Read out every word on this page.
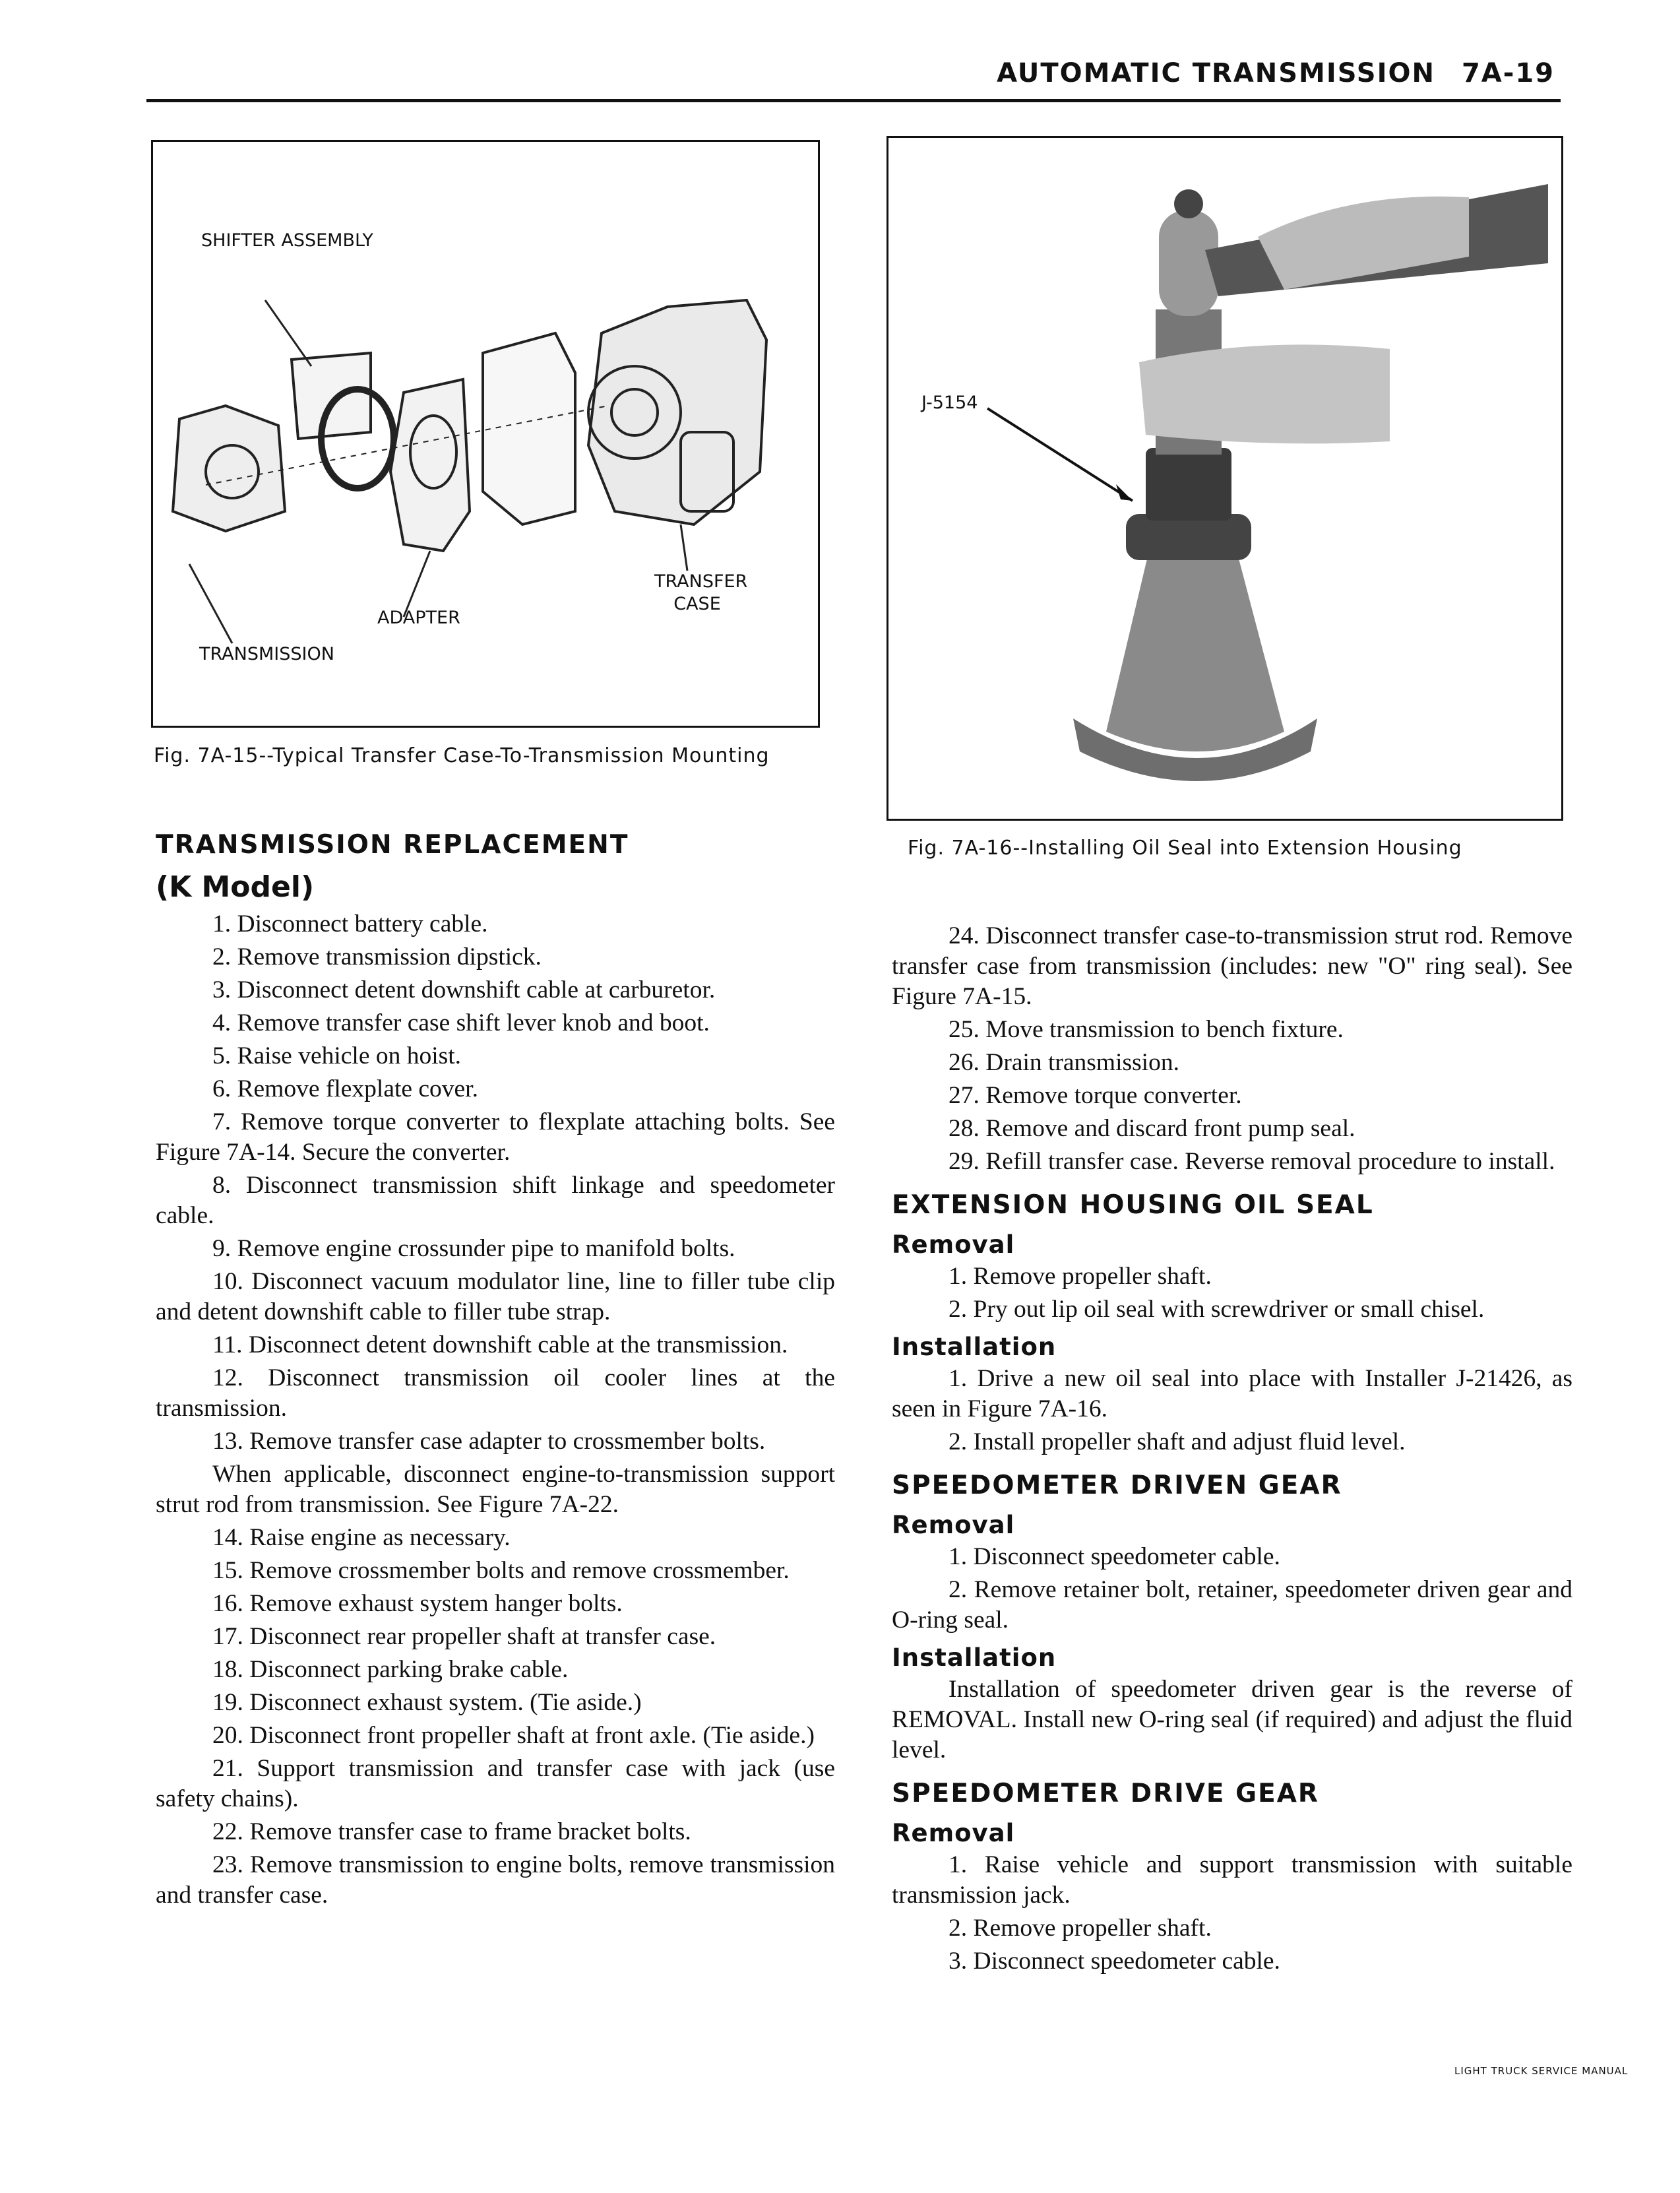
AUTOMATIC TRANSMISSION 7A-19
SHIFTER ASSEMBLY
TRANSFER CASE
ADAPTER
TRANSMISSION
Fig. 7A-15--Typical Transfer Case-To-Transmission Mounting
J-5154
Fig. 7A-16--Installing Oil Seal into Extension Housing
TRANSMISSION REPLACEMENT
(K Model)

1. Disconnect battery cable.

2. Remove transmission dipstick.

3. Disconnect detent downshift cable at carburetor.

4. Remove transfer case shift lever knob and boot.

5. Raise vehicle on hoist.

6. Remove flexplate cover.

7. Remove torque converter to flexplate attaching bolts. See Figure 7A-14. Secure the converter.

8. Disconnect transmission shift linkage and speedometer cable.

9. Remove engine crossunder pipe to manifold bolts.

10. Disconnect vacuum modulator line, line to filler tube clip and detent downshift cable to filler tube strap.

11. Disconnect detent downshift cable at the transmission.

12. Disconnect transmission oil cooler lines at the transmission.

13. Remove transfer case adapter to crossmember bolts.

When applicable, disconnect engine-to-transmission support strut rod from transmission. See Figure 7A-22.

14. Raise engine as necessary.

15. Remove crossmember bolts and remove crossmember.

16. Remove exhaust system hanger bolts.

17. Disconnect rear propeller shaft at transfer case.

18. Disconnect parking brake cable.

19. Disconnect exhaust system. (Tie aside.)

20. Disconnect front propeller shaft at front axle. (Tie aside.)

21. Support transmission and transfer case with jack (use safety chains).

22. Remove transfer case to frame bracket bolts.

23. Remove transmission to engine bolts, remove transmission and transfer case.

24. Disconnect transfer case-to-transmission strut rod. Remove transfer case from transmission (includes: new "O" ring seal). See Figure 7A-15.

25. Move transmission to bench fixture.

26. Drain transmission.

27. Remove torque converter.

28. Remove and discard front pump seal.

29. Refill transfer case. Reverse removal procedure to install.

EXTENSION HOUSING OIL SEAL
Removal

1. Remove propeller shaft.

2. Pry out lip oil seal with screwdriver or small chisel.

Installation

1. Drive a new oil seal into place with Installer J-21426, as seen in Figure 7A-16.

2. Install propeller shaft and adjust fluid level.

SPEEDOMETER DRIVEN GEAR
Removal

1. Disconnect speedometer cable.

2. Remove retainer bolt, retainer, speedometer driven gear and O-ring seal.

Installation

Installation of speedometer driven gear is the reverse of REMOVAL. Install new O-ring seal (if required) and adjust the fluid level.

SPEEDOMETER DRIVE GEAR
Removal

1. Raise vehicle and support transmission with suitable transmission jack.

2. Remove propeller shaft.

3. Disconnect speedometer cable.

LIGHT TRUCK SERVICE MANUAL
